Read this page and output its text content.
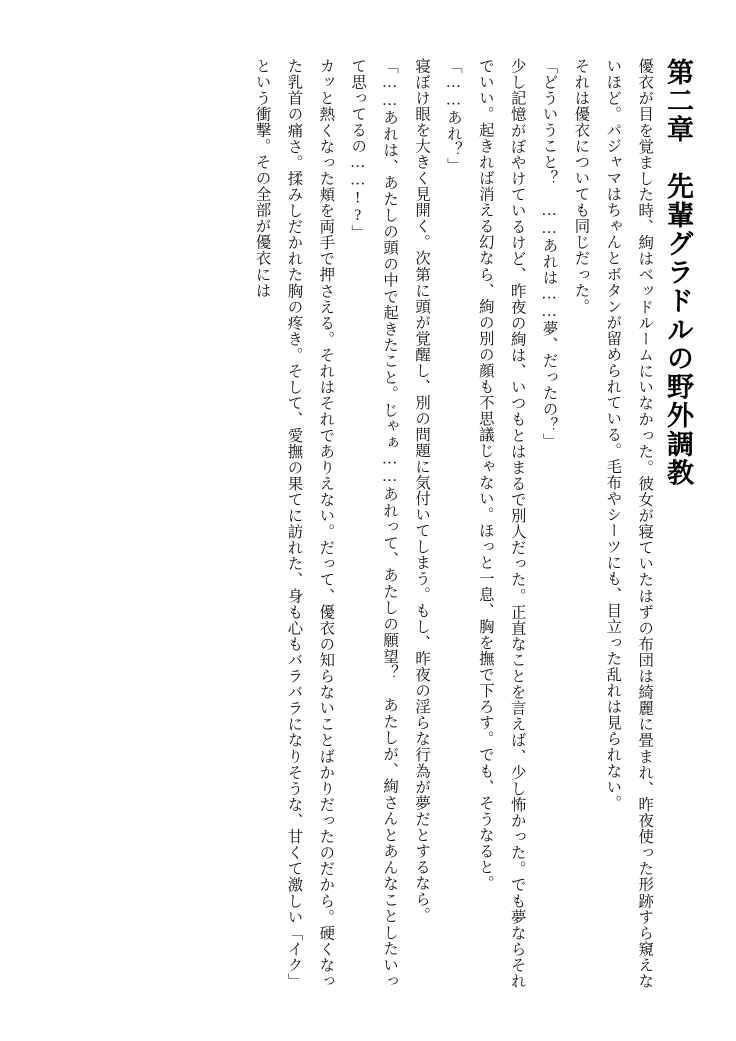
第二章　先輩グラドルの野外調教

優衣が目を覚ました時、絢はベッドルームにいなかった。彼女が寝ていたはずの布団は綺麗に畳まれ、昨夜使った形跡すら窺えないほど。パジャマはちゃんとボタンが留められている。毛布やシーツにも、目立った乱れは見られない。

それは優衣についても同じだった。

「どういうこと？　……あれは……夢、だったの？」

少し記憶がぼやけているけど、昨夜の絢は、いつもとはまるで別人だった。正直なことを言えば、少し怖かった。でも夢ならそれでいい。起きれば消える幻なら、絢の別の顔も不思議じゃない。ほっと一息、胸を撫で下ろす。でも、そうなると。

「……あれ？」

寝ぼけ眼を大きく見開く。次第に頭が覚醒し、別の問題に気付いてしまう。もし、昨夜の淫らな行為が夢だとするなら。

「……あれは、あたしの頭の中で起きたこと。じゃぁ……あれって、あたしの願望？　あたしが、絢さんとあんなことしたいって思ってるの……!?」

カッと熱くなった頬を両手で押さえる。それはそれでありえない。だって、優衣の知らないことばかりだったのだから。硬くなった乳首の痛さ。揉みしだかれた胸の疼き。そして、愛撫の果てに訪れた、身も心もバラバラになりそうな、甘くて激しい「イク」という衝撃。その全部が優衣には
